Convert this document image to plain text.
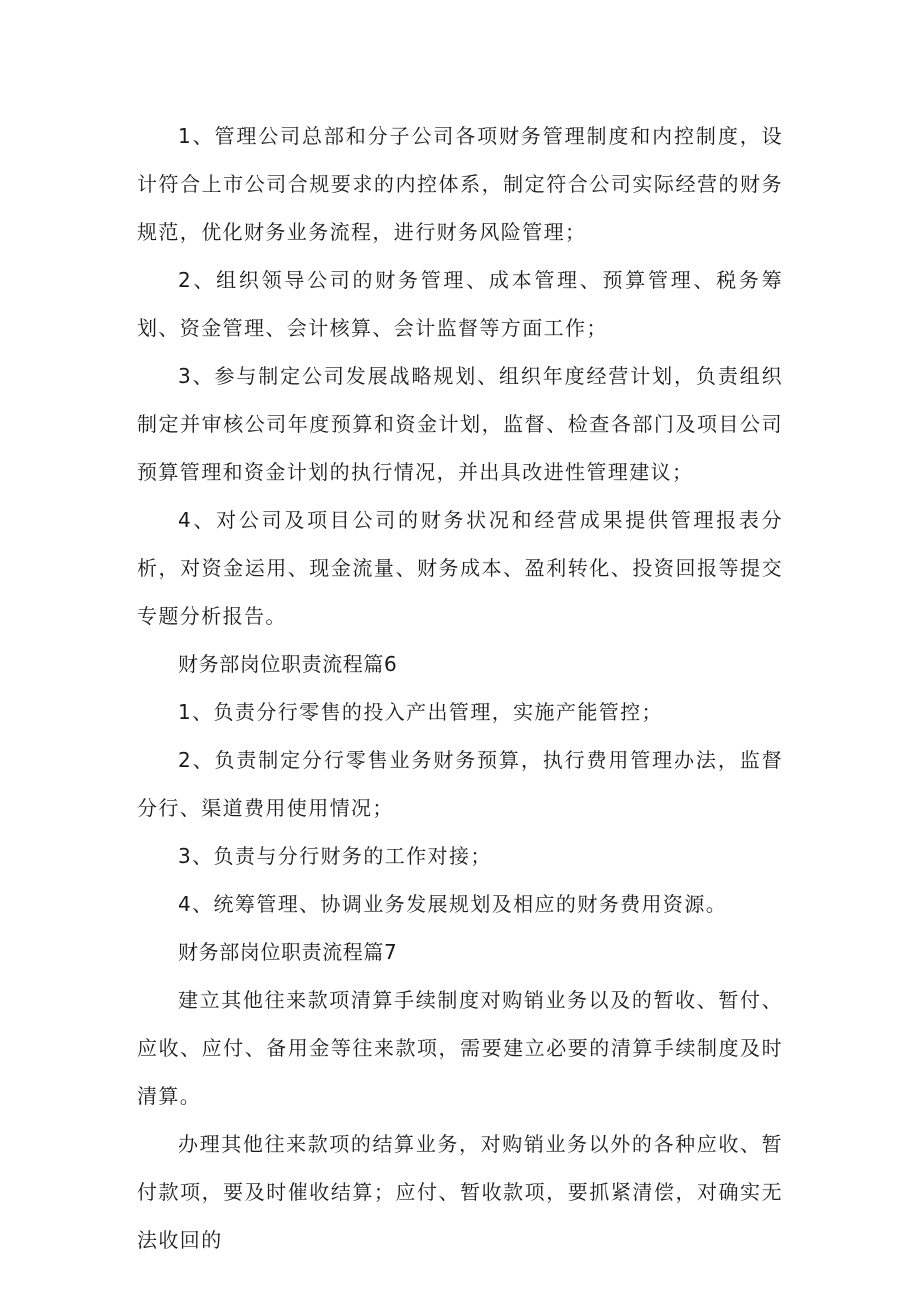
1、管理公司总部和分子公司各项财务管理制度和内控制度，设计符合上市公司合规要求的内控体系，制定符合公司实际经营的财务规范，优化财务业务流程，进行财务风险管理；

2、组织领导公司的财务管理、成本管理、预算管理、税务筹划、资金管理、会计核算、会计监督等方面工作；

3、参与制定公司发展战略规划、组织年度经营计划，负责组织制定并审核公司年度预算和资金计划，监督、检查各部门及项目公司预算管理和资金计划的执行情况，并出具改进性管理建议；

4、对公司及项目公司的财务状况和经营成果提供管理报表分析，对资金运用、现金流量、财务成本、盈利转化、投资回报等提交专题分析报告。

财务部岗位职责流程篇6

1、负责分行零售的投入产出管理，实施产能管控；

2、负责制定分行零售业务财务预算，执行费用管理办法，监督分行、渠道费用使用情况；

3、负责与分行财务的工作对接；

4、统筹管理、协调业务发展规划及相应的财务费用资源。

财务部岗位职责流程篇7

建立其他往来款项清算手续制度对购销业务以及的暂收、暂付、应收、应付、备用金等往来款项，需要建立必要的清算手续制度及时清算。

办理其他往来款项的结算业务，对购销业务以外的各种应收、暂付款项，要及时催收结算；应付、暂收款项，要抓紧清偿，对确实无法收回的
